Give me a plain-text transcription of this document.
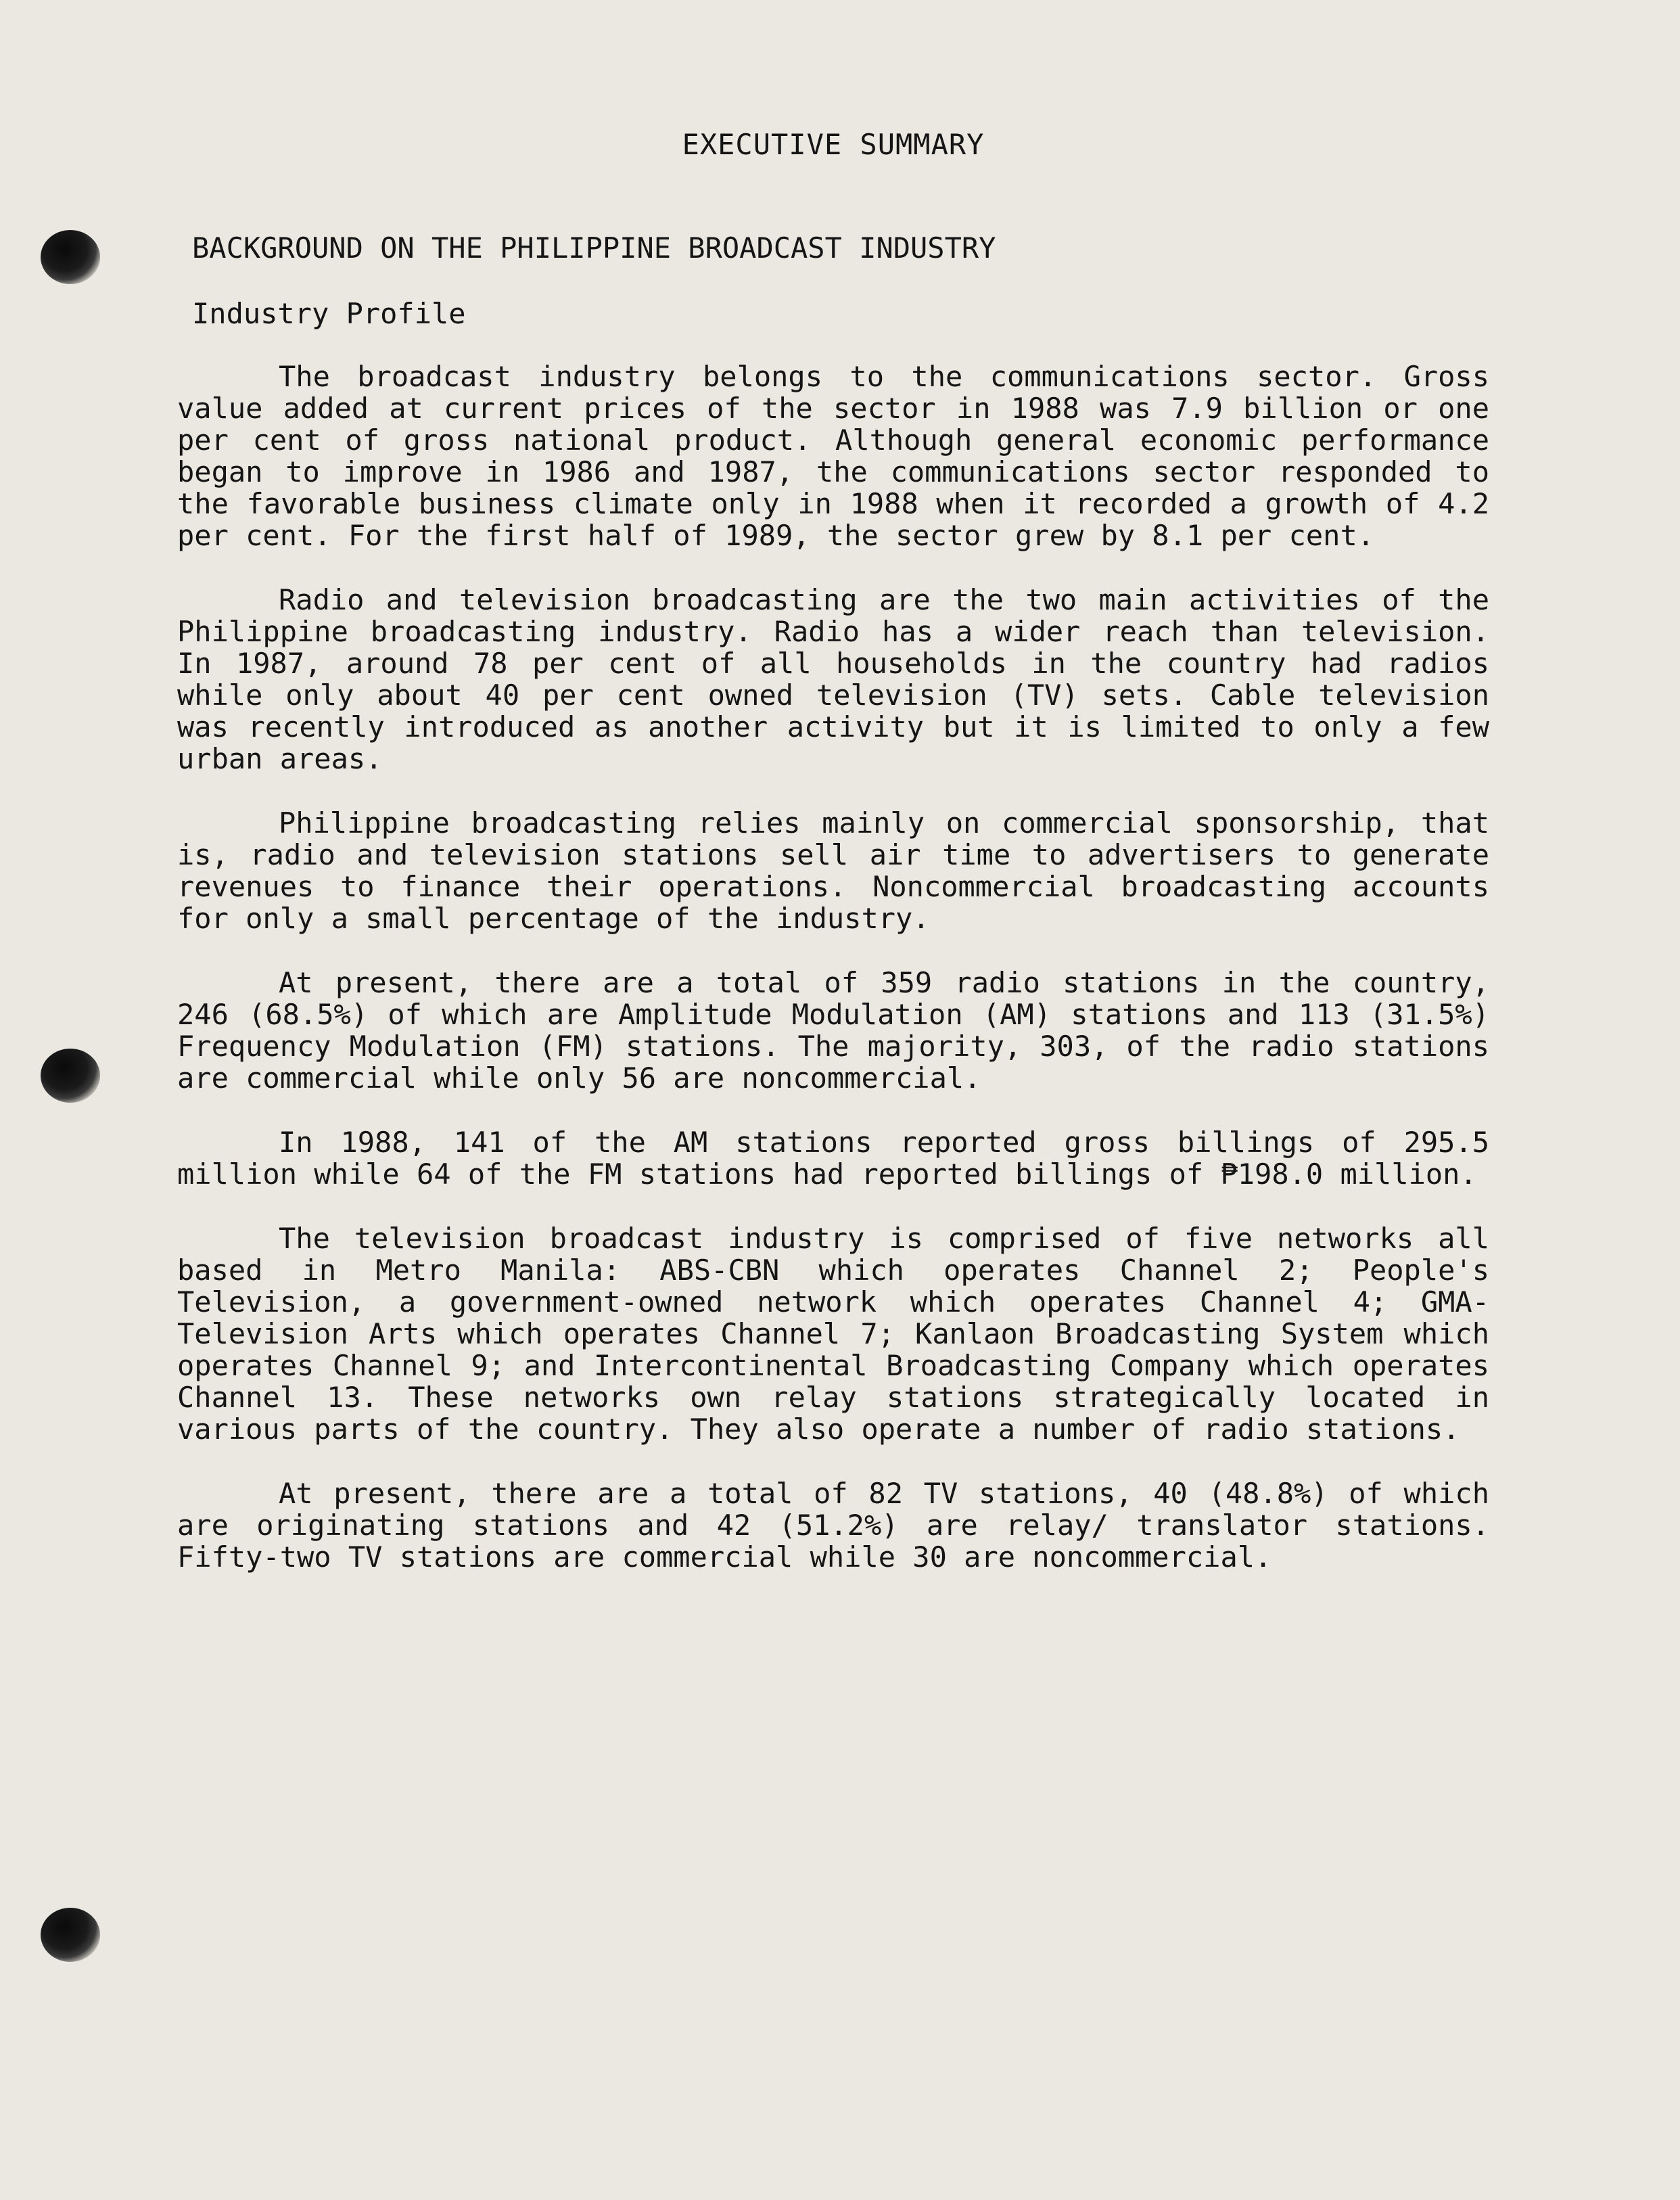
EXECUTIVE SUMMARY
BACKGROUND ON THE PHILIPPINE BROADCAST INDUSTRY
Industry Profile

The broadcast industry belongs to the communications sector. Gross value added at current prices of the sector in 1988 was 7.9 billion or one per cent of gross national product. Although general economic performance began to improve in 1986 and 1987, the communications sector responded to the favorable business climate only in 1988 when it recorded a growth of 4.2 per cent. For the first half of 1989, the sector grew by 8.1 per cent.

Radio and television broadcasting are the two main activities of the Philippine broadcasting industry. Radio has a wider reach than television. In 1987, around 78 per cent of all households in the country had radios while only about 40 per cent owned television (TV) sets. Cable television was recently introduced as another activity but it is limited to only a few urban areas.

Philippine broadcasting relies mainly on commercial sponsorship, that is, radio and television stations sell air time to advertisers to generate revenues to finance their operations. Noncommercial broadcasting accounts for only a small percentage of the industry.

At present, there are a total of 359 radio stations in the country, 246 (68.5%) of which are Amplitude Modulation (AM) stations and 113 (31.5%) Frequency Modulation (FM) stations. The majority, 303, of the radio stations are commercial while only 56 are noncommercial.

In 1988, 141 of the AM stations reported gross billings of 295.5 million while 64 of the FM stations had reported billings of ₱198.0 million.

The television broadcast industry is comprised of five networks all based in Metro Manila: ABS-CBN which operates Channel 2; People's Television, a government-owned network which operates Channel 4; GMA-Television Arts which operates Channel 7; Kanlaon Broadcasting System which operates Channel 9; and Intercontinental Broadcasting Company which operates Channel 13. These networks own relay stations strategically located in various parts of the country. They also operate a number of radio stations.

At present, there are a total of 82 TV stations, 40 (48.8%) of which are originating stations and 42 (51.2%) are relay/ translator stations. Fifty-two TV stations are commercial while 30 are noncommercial.
